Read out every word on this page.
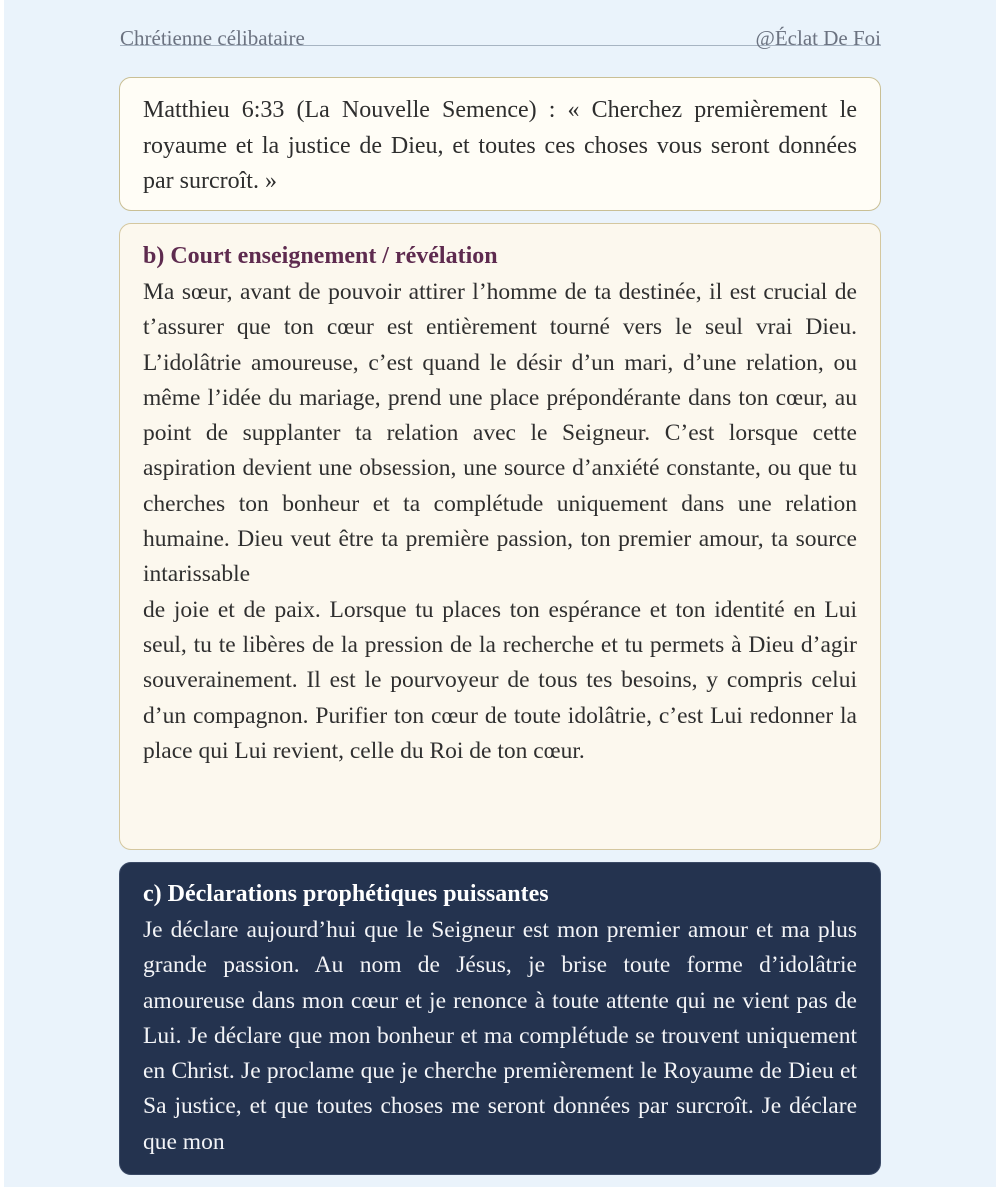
Chrétienne célibataire	@Éclat De Foi

Matthieu 6:33 (La Nouvelle Semence) : « Cherchez premièrement le royaume et la justice de Dieu, et toutes ces choses vous seront données par surcroît. »

b) Court enseignement / révélation

Ma sœur, avant de pouvoir attirer l’homme de ta destinée, il est crucial de t’assurer que ton cœur est entièrement tourné vers le seul vrai Dieu. L’idolâtrie amoureuse, c’est quand le désir d’un mari, d’une relation, ou même l’idée du mariage, prend une place prépondérante dans ton cœur, au point de supplanter ta relation avec le Seigneur. C’est lorsque cette aspiration devient une obsession, une source d’anxiété constante, ou que tu cherches ton bonheur et ta complétude uniquement dans une relation humaine. Dieu veut être ta première passion, ton premier amour, ta source intarissable

de joie et de paix. Lorsque tu places ton espérance et ton identité en Lui seul, tu te libères de la pression de la recherche et tu permets à Dieu d’agir souverainement. Il est le pourvoyeur de tous tes besoins, y compris celui d’un compagnon. Purifier ton cœur de toute idolâtrie, c’est Lui redonner la place qui Lui revient, celle du Roi de ton cœur.

c) Déclarations prophétiques puissantes

Je déclare aujourd’hui que le Seigneur est mon premier amour et ma plus grande passion. Au nom de Jésus, je brise toute forme d’idolâtrie amoureuse dans mon cœur et je renonce à toute attente qui ne vient pas de Lui. Je déclare que mon bonheur et ma complétude se trouvent uniquement en Christ. Je proclame que je cherche premièrement le Royaume de Dieu et Sa justice, et que toutes choses me seront données par surcroît. Je déclare que mon
